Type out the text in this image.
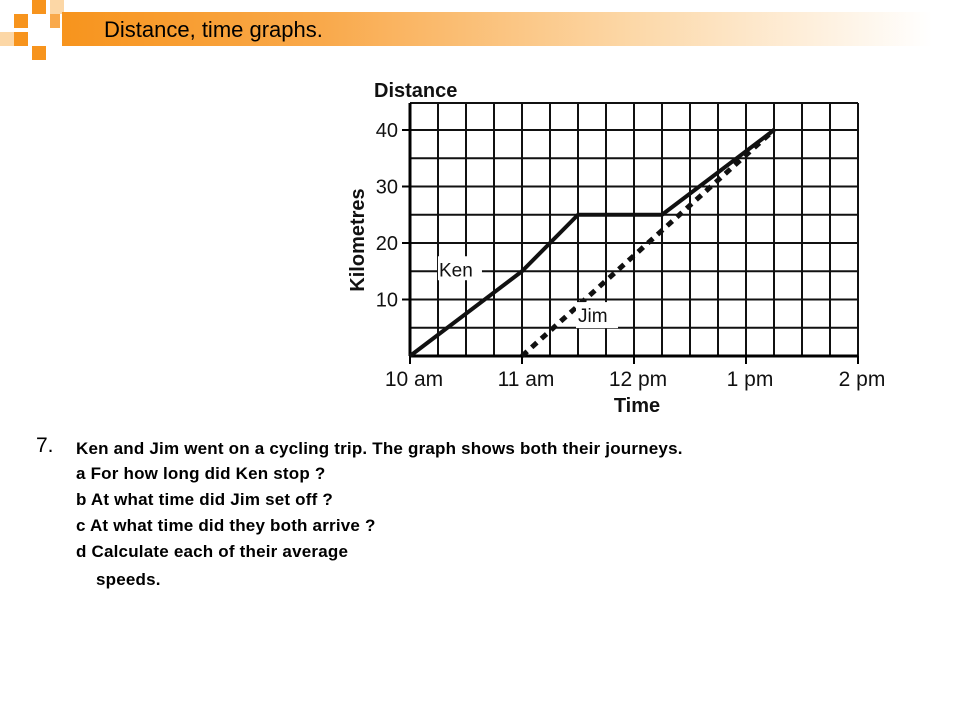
Distance, time graphs.
10
20
30
40
10 am	11 am	12 pm	1 pm	2 pm
Distance
Time
Kilometres	Ken
Jim
7. Ken and Jim went on a cycling trip. The graph shows both their journeys.
a For how long did Ken stop ?
b At what time did Jim set off ?
c At what time did they both arrive ?
d Calculate each of their average
speeds.
